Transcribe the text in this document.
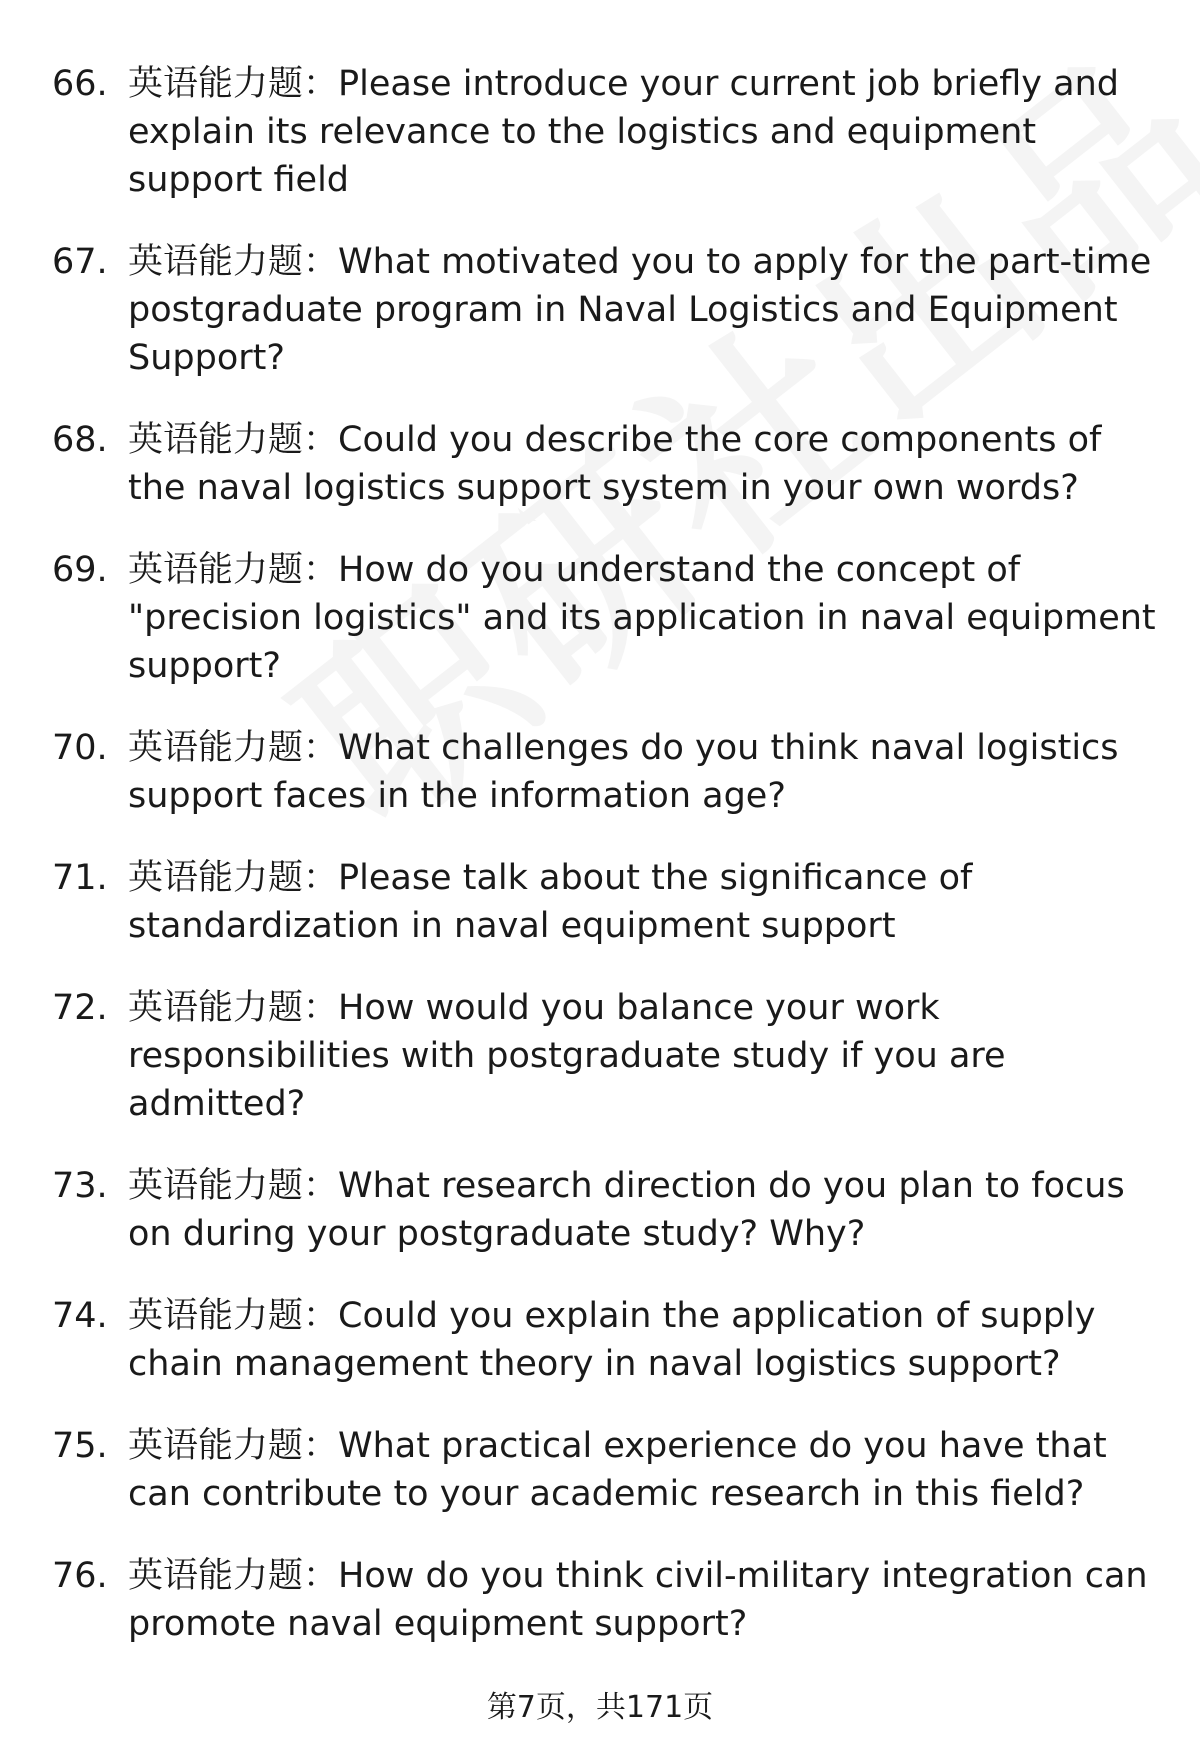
66. 英语能力题：Please introduce your current job briefly and explain its relevance to the logistics and equipment support field
67. 英语能力题：What motivated you to apply for the part-time postgraduate program in Naval Logistics and Equipment Support?
68. 英语能力题：Could you describe the core components of the naval logistics support system in your own words?
69. 英语能力题：How do you understand the concept of "precision logistics" and its application in naval equipment support?
70. 英语能力题：What challenges do you think naval logistics support faces in the information age?
71. 英语能力题：Please talk about the significance of standardization in naval equipment support
72. 英语能力题：How would you balance your work responsibilities with postgraduate study if you are admitted?
73. 英语能力题：What research direction do you plan to focus on during your postgraduate study? Why?
74. 英语能力题：Could you explain the application of supply chain management theory in naval logistics support?
75. 英语能力题：What practical experience do you have that can contribute to your academic research in this field?
76. 英语能力题：How do you think civil-military integration can promote naval equipment support?
第7页，共171页
